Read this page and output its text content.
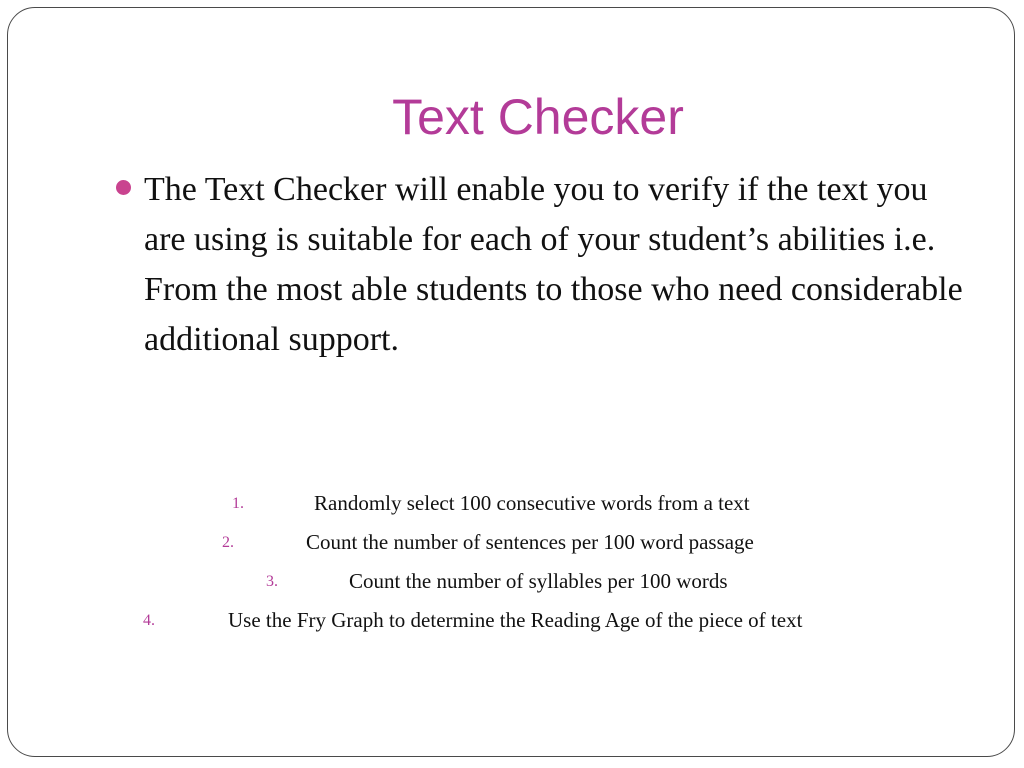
Text Checker
The Text Checker will enable you to verify if the text you are using is suitable for each of your student’s abilities i.e. From the most able students to those who need considerable additional support.
1.	Randomly select 100 consecutive words from a text
2.	Count the number of sentences per 100 word passage
3.	Count the number of syllables per 100 words
4.	Use the Fry Graph to determine the Reading Age of the piece of text
